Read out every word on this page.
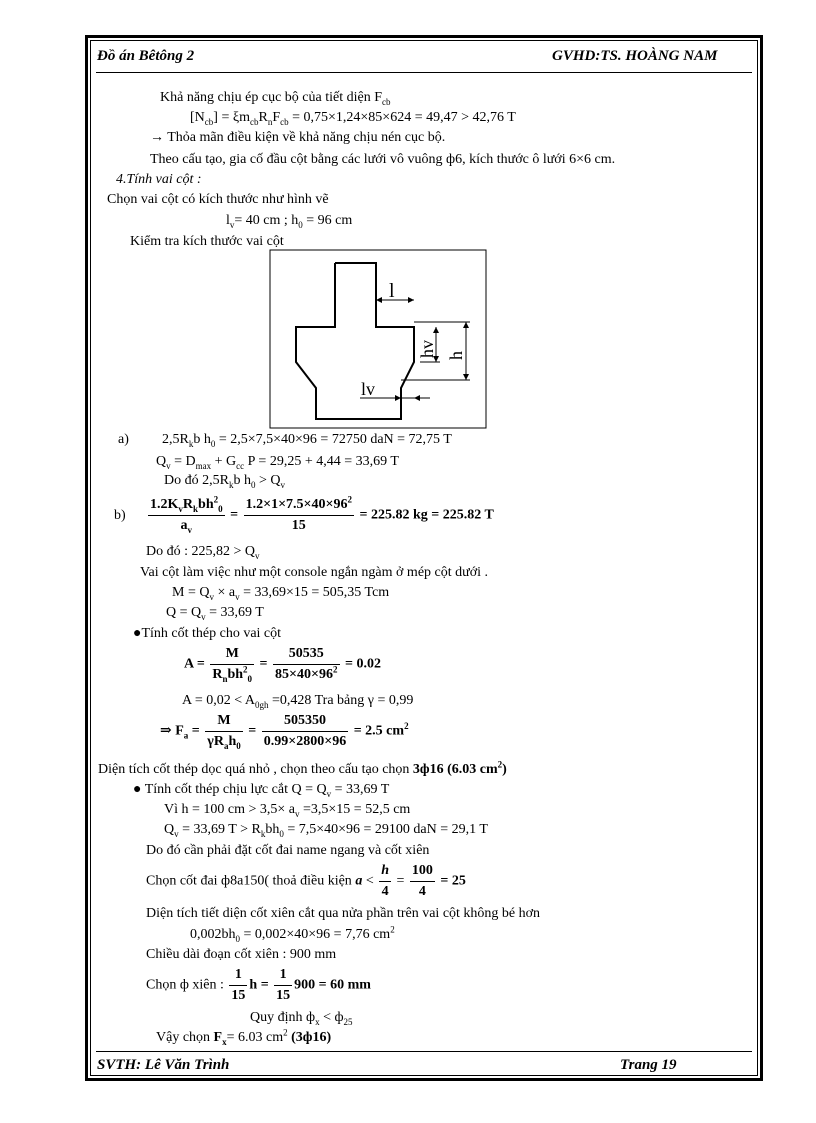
Đồ án Bêtông 2	GVHD:TS. HOÀNG NAM
Khả năng chịu ép cục bộ của tiết diện $F_{cb}$
$[N_{cb}] = \xi m_{cb}R_nF_{cb} = 0,75\times 1,24\times 85\times 624 = 49,47 > 42,76$ T
→ Thỏa mãn điều kiện về khả năng chịu nén cục bộ.
Theo cấu tạo, gia cố đầu cột bằng các lưới vô vuông ф6, kích thước ô lưới 6×6 cm.
4.Tính vai cột :
Chọn vai cột có kích thước như hình vẽ
$l_v= 40$ cm ; $h_0 = 96$ cm
Kiểm tra kích thước vai cột
l
hv h
lv
a) $2,5R_kb$ $h_0 = 2,5\times 7,5\times 40\times 96 = 72750$ daN = 72,75 T
$Q_v = D_{max} + G_{cc}$ P = 29,25 + 4,44 = 33,69 T
Do đó $2,5R_kb$ $h_0 > Q_v$
$b) \frac{1.2K_vR_kbh^2_0}{a_v} = \frac{1.2\times 1\times 7.5\times 40\times 96^2}{15} = 225.82$ kg = 225.82 T
Do đó : $225,82 > Q_v$
Vai cột làm việc như một console ngắn ngàm ở mép cột dưới .
$M = Q_v \times a_v = 33,69\times 15 = 505,35$ Tcm
$Q = Q_v = 33,69$ T
●Tính cốt thép cho vai cột
$A = \frac{M}{R_nbh^2_0} = \frac{50535}{85\times 40\times 96^2} = 0.02$
$A = 0,02 < A_{0gh} =0,428$ Tra bảng γ = 0,99
⇒ $F_a = \frac{M}{\gamma R_ah_0} = \frac{505350}{0.99\times 2800\times 96} = 2.5$ $cm^2$
Diện tích cốt thép dọc quá nhỏ , chọn theo cấu tạo chọn 3ф16 (6.03 $cm^2$)
● Tính cốt thép chịu lực cắt $Q = Q_v = 33,69$ T
Vì h = 100 cm > $3,5\times a_v =3,5\times 15 = 52,5$ cm
$Q_v = 33,69$ $T > R_kbh_0 = 7,5\times 40\times 96 = 29100$ daN = 29,1 T
Do đó cần phải đặt cốt đai name ngang và cốt xiên
Chọn cốt đai ф8a150( thoả điều kiện $a < \frac{h}{4} = \frac{100}{4} = 25$
Diện tích tiết diện cốt xiên cắt qua nửa phần trên vai cột không bé hơn
$0,002bh_0 = 0,002\times 40\times 96 = 7,76$ $cm^2$
Chiều dài đoạn cốt xiên : 900 mm
Chọn ф xiên : $\frac{1}{15}$ $h = \frac{1}{15} 900 = 60$ mm
Quy định $ф_x < ф_{25}$
Vậy chọn $F_x= 6.03$ $cm^2$ (3ф16)
SVTH: Lê Văn Trình	Trang 19
